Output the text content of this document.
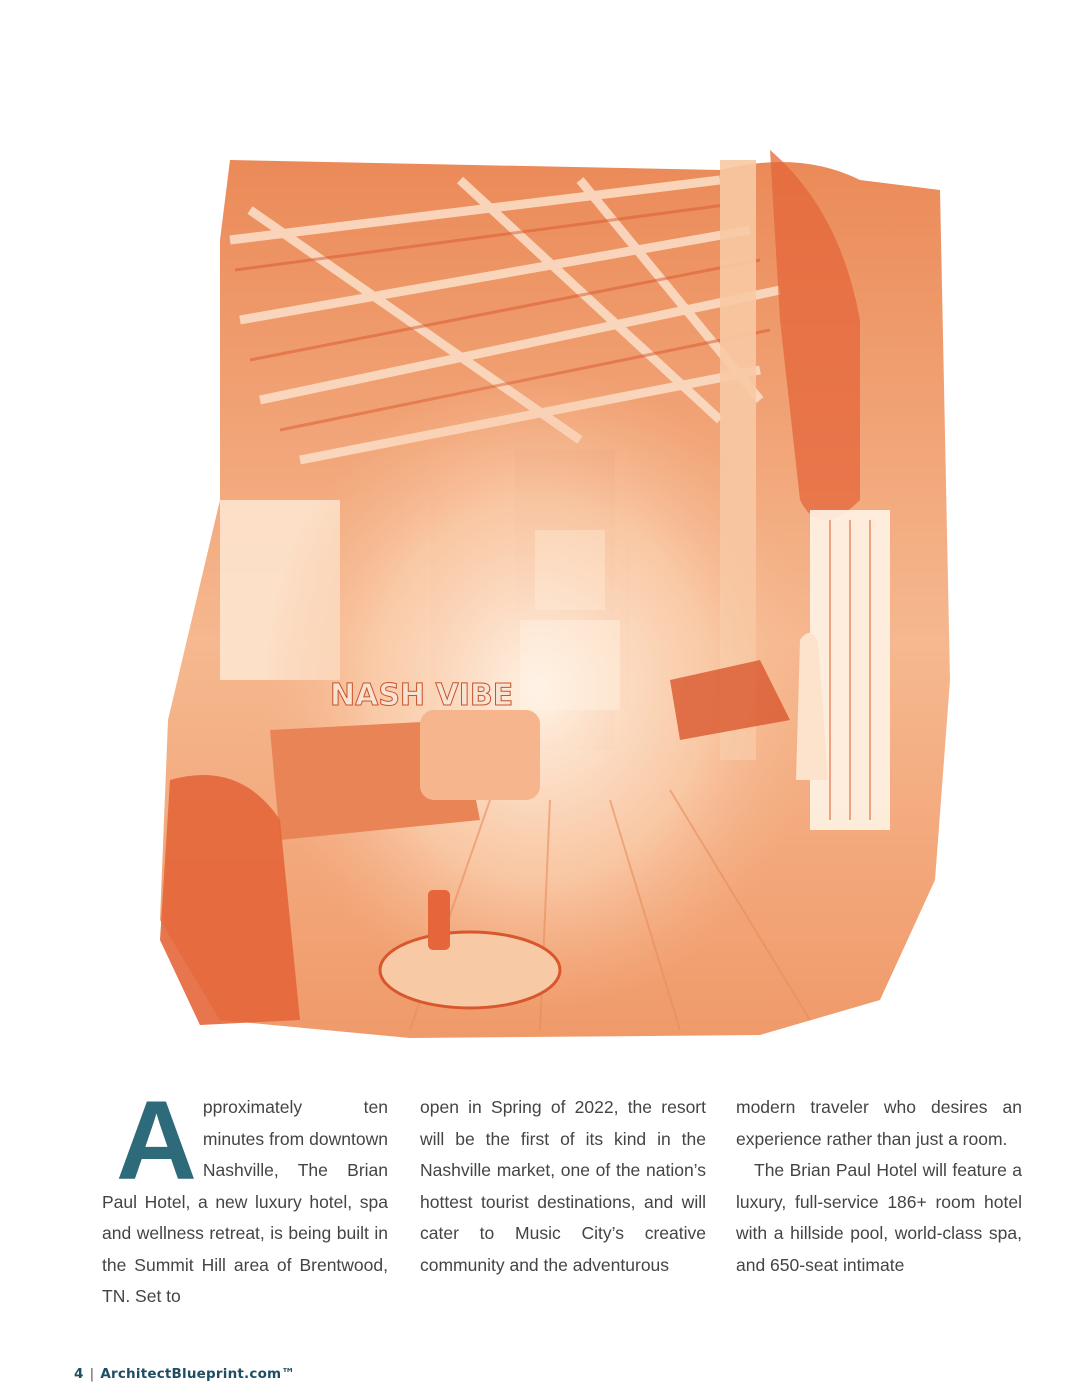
NASH VIBE
Approximately ten minutes from downtown Nashville, The Brian Paul Hotel, a new luxury hotel, spa and wellness retreat, is being built in the Summit Hill area of Brentwood, TN. Set to
open in Spring of 2022, the resort will be the first of its kind in the Nashville market, one of the nation’s hottest tourist destinations, and will cater to Music City’s creative community and the adventurous
modern traveler who desires an experience rather than just a room.
The Brian Paul Hotel will feature a luxury, full-service 186+ room hotel with a hillside pool, world-class spa, and 650-seat intimate
4 | ArchitectBlueprint.com™
